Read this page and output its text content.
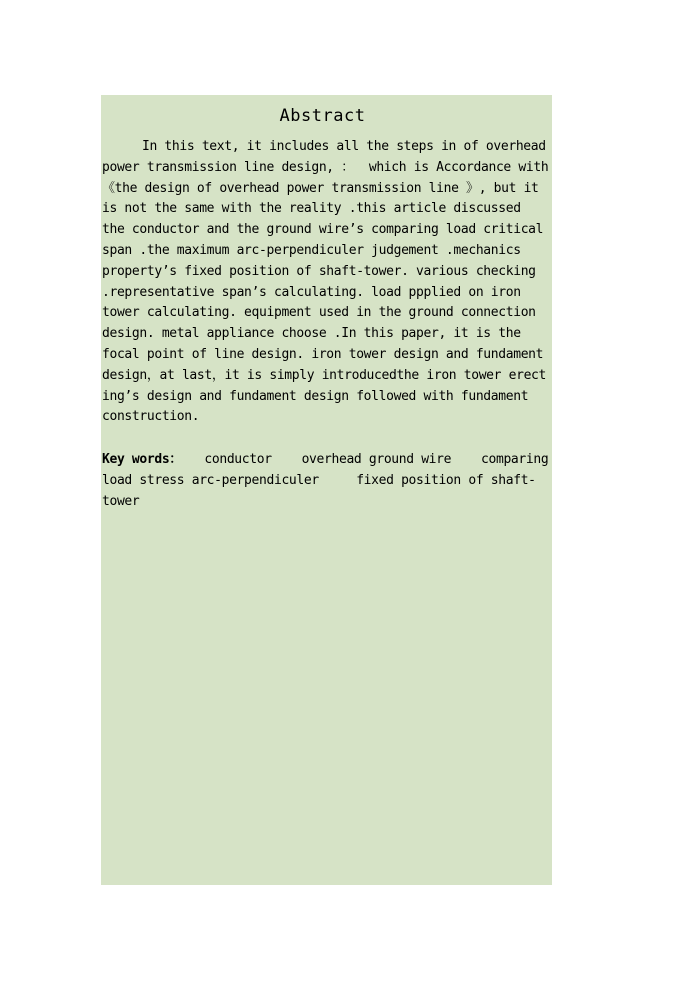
Abstract
In this text, it includes all the steps in of overhead
power transmission line design, ：  which is Accordance with
《the design of overhead power transmission line 》, but it
is not the same with the reality .this article discussed
the conductor and the ground wire’s comparing load critical
span .the maximum arc-perpendiculer judgement .mechanics
property’s fixed position of shaft-tower. various checking
.representative span’s calculating. load ppplied on iron
tower calculating. equipment used in the ground connection
design. metal appliance choose .In this paper, it is the
focal point of line design. iron tower design and fundament
design，at last，it is simply introducedthe iron tower erect
ing’s design and fundament design followed with fundament
construction.
Key words：   conductor    overhead ground wire    comparing
load stress arc-perpendiculer     fixed position of shaft-
tower
